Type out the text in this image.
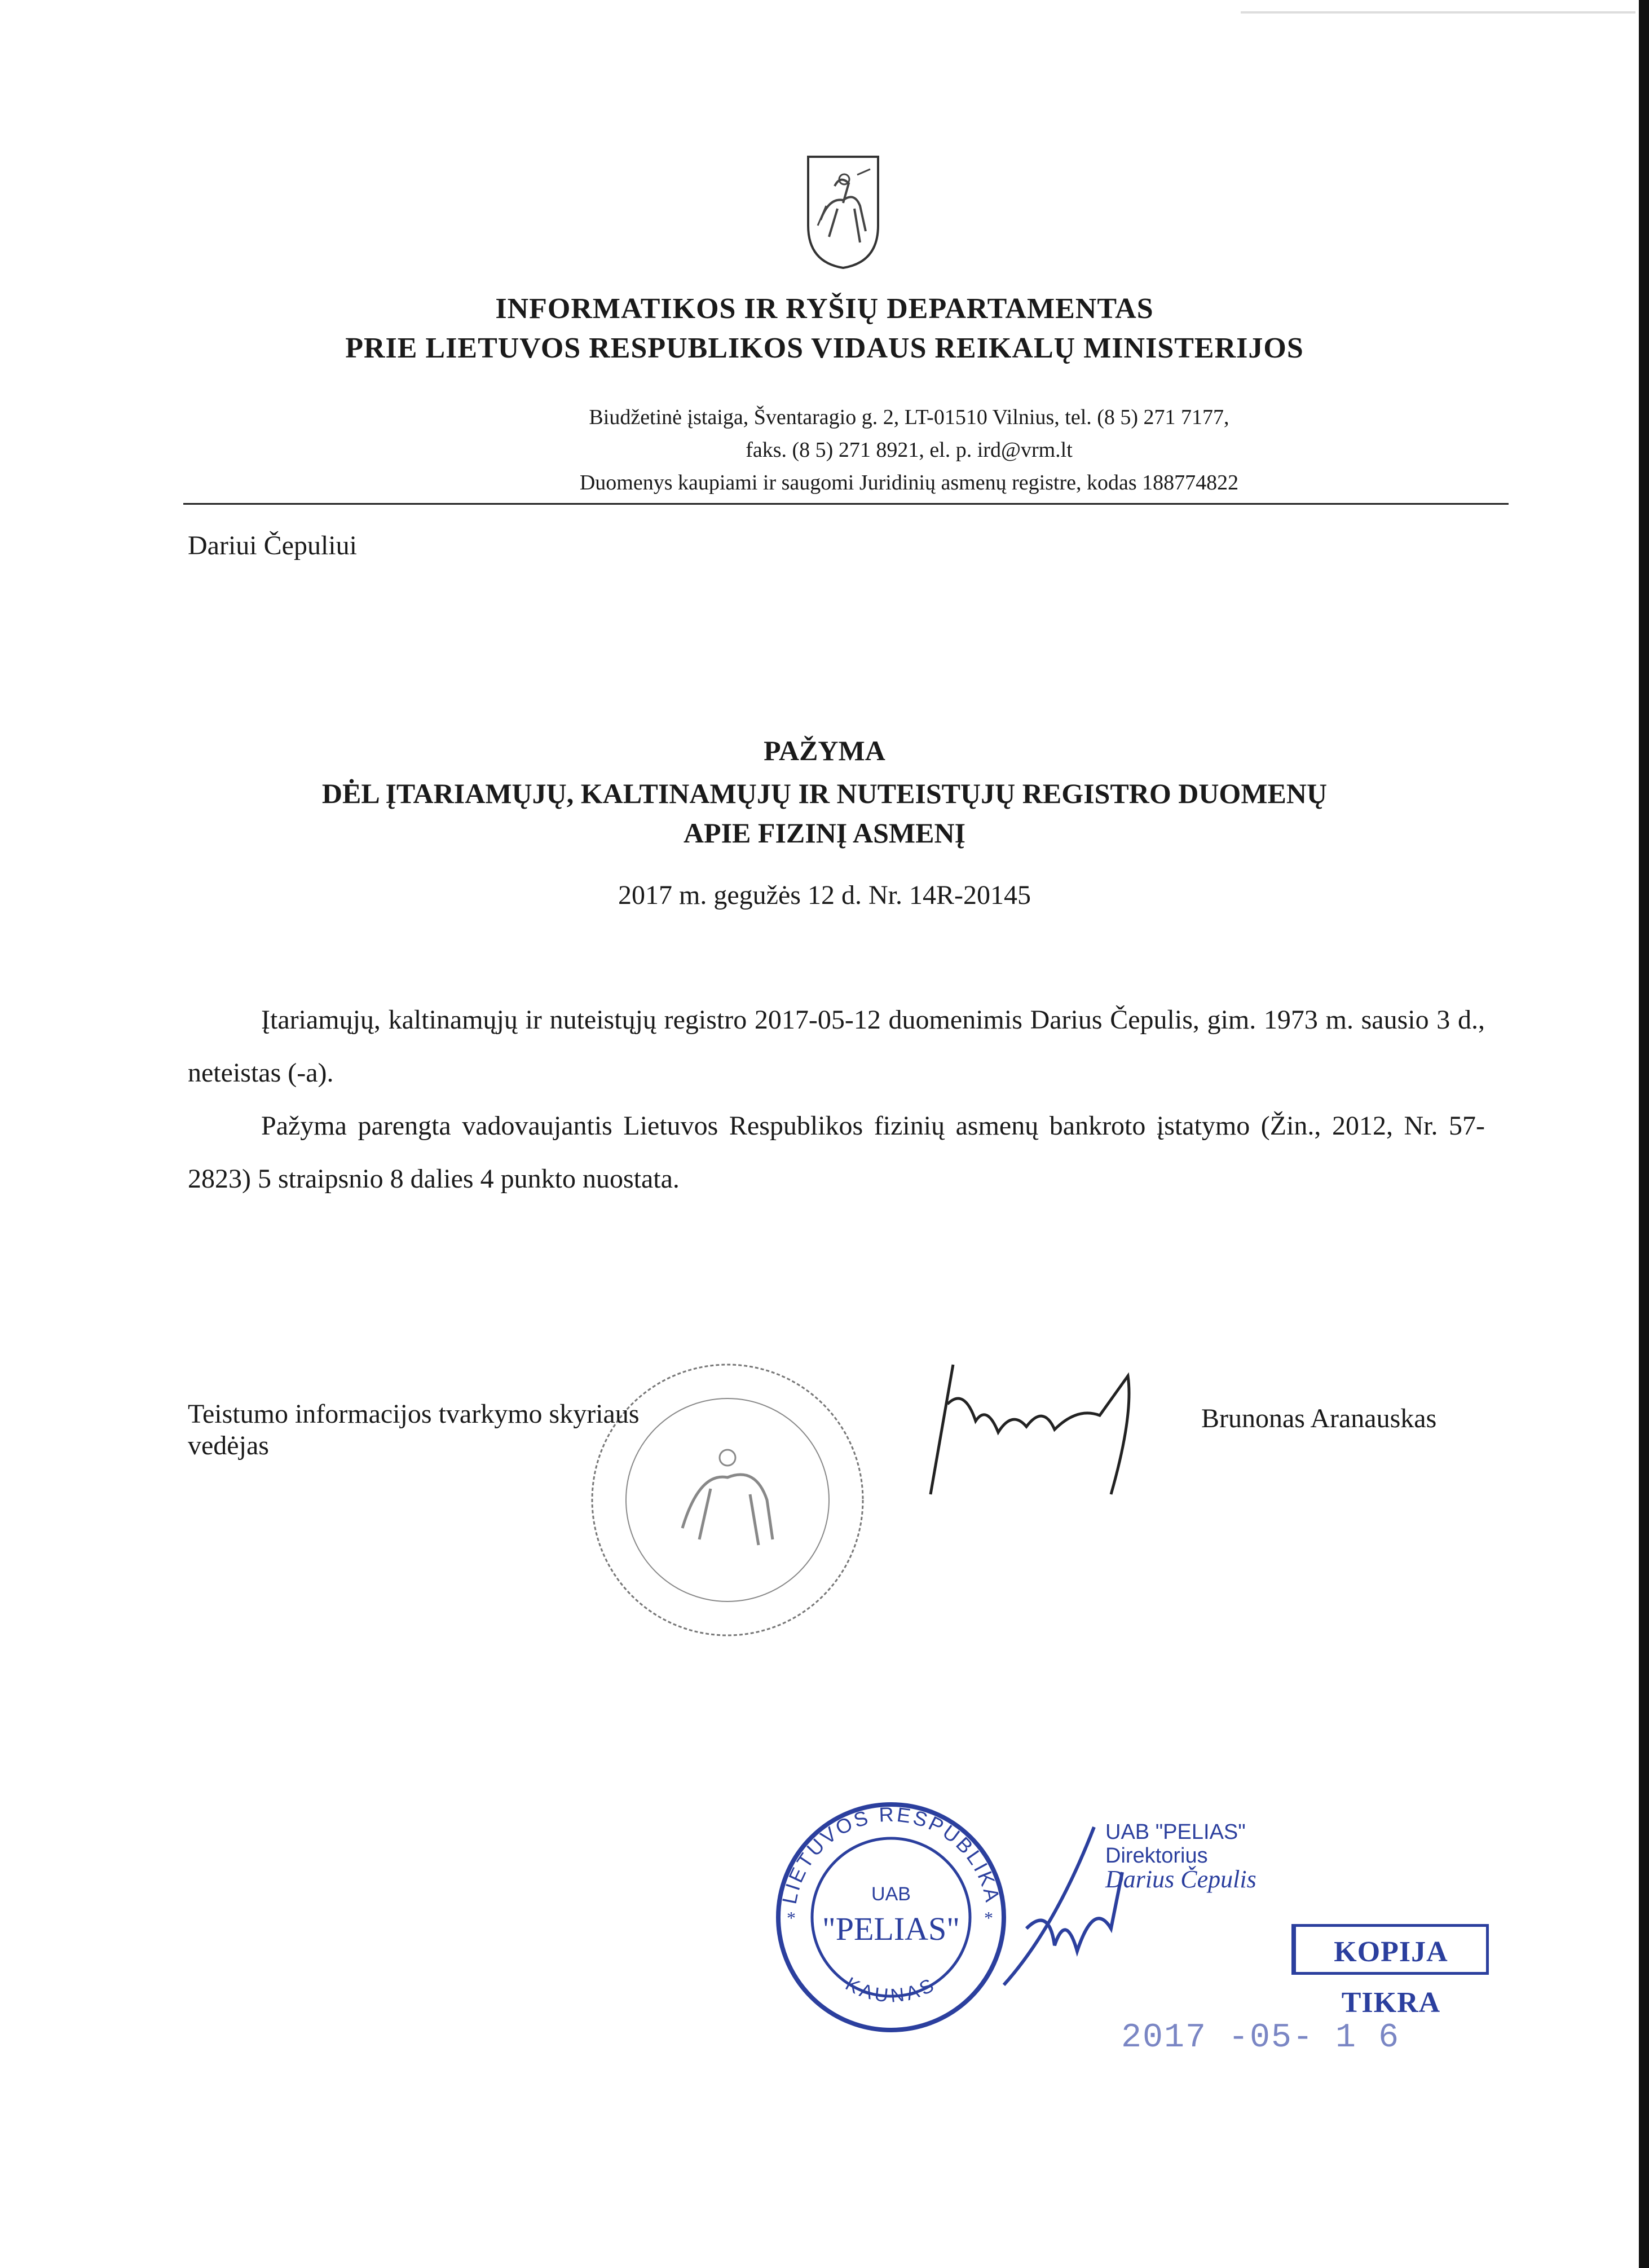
INFORMATIKOS IR RYŠIŲ DEPARTAMENTAS
PRIE LIETUVOS RESPUBLIKOS VIDAUS REIKALŲ MINISTERIJOS
Biudžetinė įstaiga, Šventaragio g. 2, LT-01510 Vilnius, tel. (8 5) 271 7177,
faks. (8 5) 271 8921, el. p. ird@vrm.lt
Duomenys kaupiami ir saugomi Juridinių asmenų registre, kodas 188774822
Dariui Čepuliui
PAŽYMA
DĖL ĮTARIAMŲJŲ, KALTINAMŲJŲ IR NUTEISTŲJŲ REGISTRO DUOMENŲ
APIE FIZINĮ ASMENĮ
2017 m. gegužės 12 d. Nr. 14R-20145
Įtariamųjų, kaltinamųjų ir nuteistųjų registro 2017-05-12 duomenimis Darius Čepulis, gim. 1973 m. sausio 3 d., neteistas (-a).
Pažyma parengta vadovaujantis Lietuvos Respublikos fizinių asmenų bankroto įstatymo (Žin., 2012, Nr. 57-2823) 5 straipsnio 8 dalies 4 punkto nuostata.
Teistumo informacijos tvarkymo skyriaus
vedėjas
Brunonas Aranauskas
LIETUVOS RESPUBLIKA
KAUNAS
UAB
"PELIAS"
*	*
UAB "PELIAS"
Direktorius
Darius Čepulis
KOPIJA TIKRA
2017 -05- 1 6
